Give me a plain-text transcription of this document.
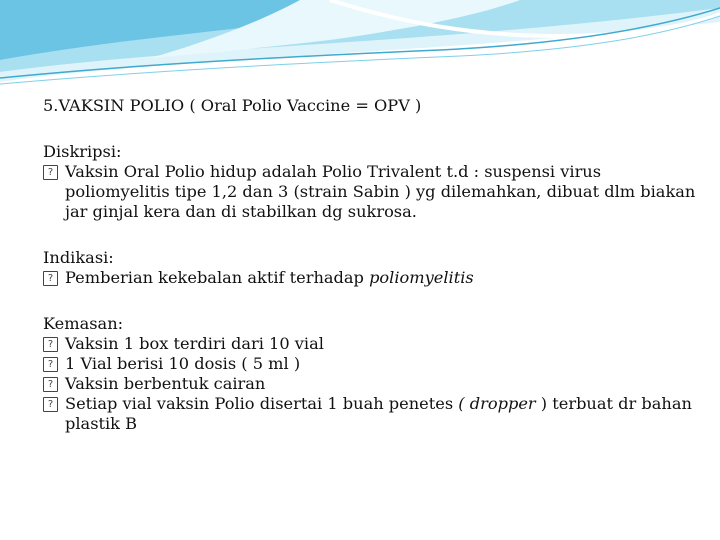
5.VAKSIN POLIO ( Oral Polio Vaccine = OPV )

Diskripsi:
? Vaksin Oral Polio hidup adalah Polio Trivalent t.d : suspensi virus poliomyelitis tipe 1,2 dan 3 (strain Sabin ) yg dilemahkan, dibuat dlm biakan jar ginjal kera dan di stabilkan dg sukrosa.
Indikasi:
? Pemberian kekebalan aktif terhadap poliomyelitis
Kemasan:
? Vaksin 1 box terdiri dari 10 vial
? 1 Vial berisi 10 dosis ( 5 ml )
? Vaksin berbentuk cairan
? Setiap vial vaksin Polio disertai 1 buah penetes ( dropper ) terbuat dr bahan plastik B
